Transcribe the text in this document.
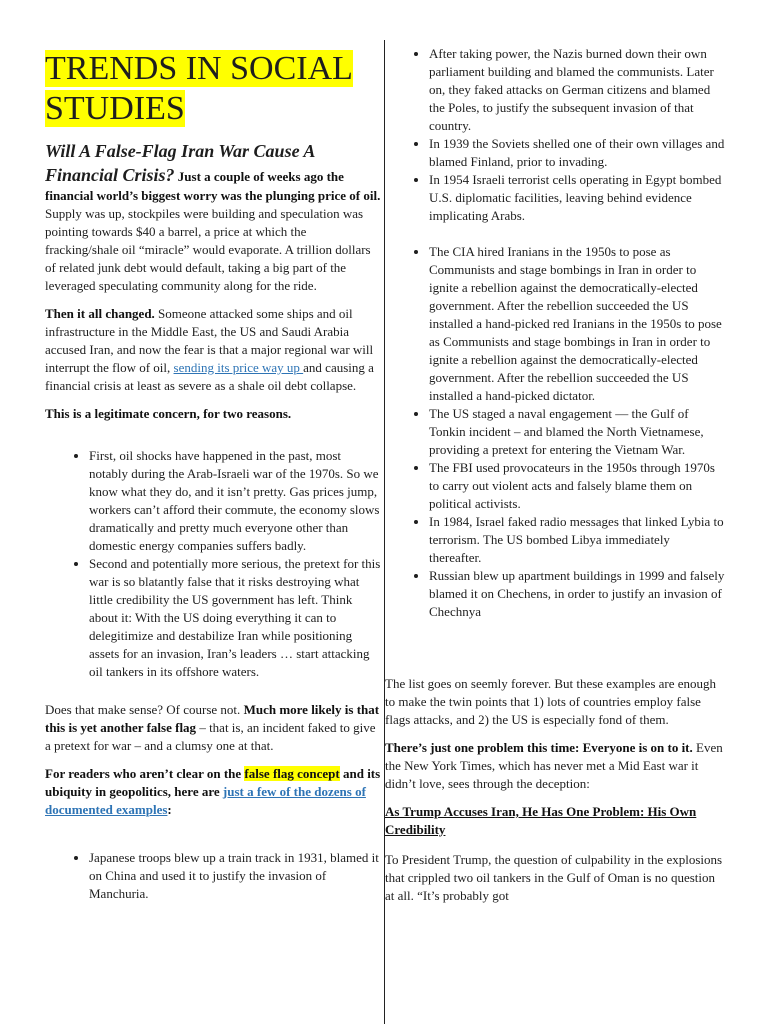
TRENDS IN SOCIAL STUDIES

Will A False-Flag Iran War Cause A Financial Crisis? Just a couple of weeks ago the financial world’s biggest worry was the plunging price of oil. Supply was up, stockpiles were building and speculation was pointing towards $40 a barrel, a price at which the fracking/shale oil “miracle” would evaporate. A trillion dollars of related junk debt would default, taking a big part of the leveraged speculating community along for the ride.

Then it all changed. Someone attacked some ships and oil infrastructure in the Middle East, the US and Saudi Arabia accused Iran, and now the fear is that a major regional war will interrupt the flow of oil, sending its price way up and causing a financial crisis at least as severe as a shale oil debt collapse.

This is a legitimate concern, for two reasons.

• First, oil shocks have happened in the past, most notably during the Arab-Israeli war of the 1970s. So we know what they do, and it isn’t pretty. Gas prices jump, workers can’t afford their commute, the economy slows dramatically and pretty much everyone other than domestic energy companies suffers badly.
• Second and potentially more serious, the pretext for this war is so blatantly false that it risks destroying what little credibility the US government has left. Think about it: With the US doing everything it can to delegitimize and destabilize Iran while positioning assets for an invasion, Iran’s leaders … start attacking oil tankers in its offshore waters.

Does that make sense? Of course not. Much more likely is that this is yet another false flag – that is, an incident faked to give a pretext for war – and a clumsy one at that.

For readers who aren’t clear on the false flag concept and its ubiquity in geopolitics, here are just a few of the dozens of documented examples:

• Japanese troops blew up a train track in 1931, blamed it on China and used it to justify the invasion of Manchuria.
• After taking power, the Nazis burned down their own parliament building and blamed the communists. Later on, they faked attacks on German citizens and blamed the Poles, to justify the subsequent invasion of that country.
• In 1939 the Soviets shelled one of their own villages and blamed Finland, prior to invading.
• In 1954 Israeli terrorist cells operating in Egypt bombed U.S. diplomatic facilities, leaving behind evidence implicating Arabs.
• The CIA hired Iranians in the 1950s to pose as Communists and stage bombings in Iran in order to ignite a rebellion against the democratically-elected government. After the rebellion succeeded the US installed a hand-picked red Iranians in the 1950s to pose as Communists and stage bombings in Iran in order to ignite a rebellion against the democratically-elected government. After the rebellion succeeded the US installed a hand-picked dictator.
• The US staged a naval engagement — the Gulf of Tonkin incident – and blamed the North Vietnamese, providing a pretext for entering the Vietnam War.
• The FBI used provocateurs in the 1950s through 1970s to carry out violent acts and falsely blame them on political activists.
• In 1984, Israel faked radio messages that linked Lybia to terrorism. The US bombed Libya immediately thereafter.
• Russian blew up apartment buildings in 1999 and falsely blamed it on Chechens, in order to justify an invasion of Chechnya

The list goes on seemly forever. But these examples are enough to make the twin points that 1) lots of countries employ false flags attacks, and 2) the US is especially fond of them.

There’s just one problem this time: Everyone is on to it. Even the New York Times, which has never met a Mid East war it didn’t love, sees through the deception:

As Trump Accuses Iran, He Has One Problem: His Own Credibility

To President Trump, the question of culpability in the explosions that crippled two oil tankers in the Gulf of Oman is no question at all. “It’s probably got
